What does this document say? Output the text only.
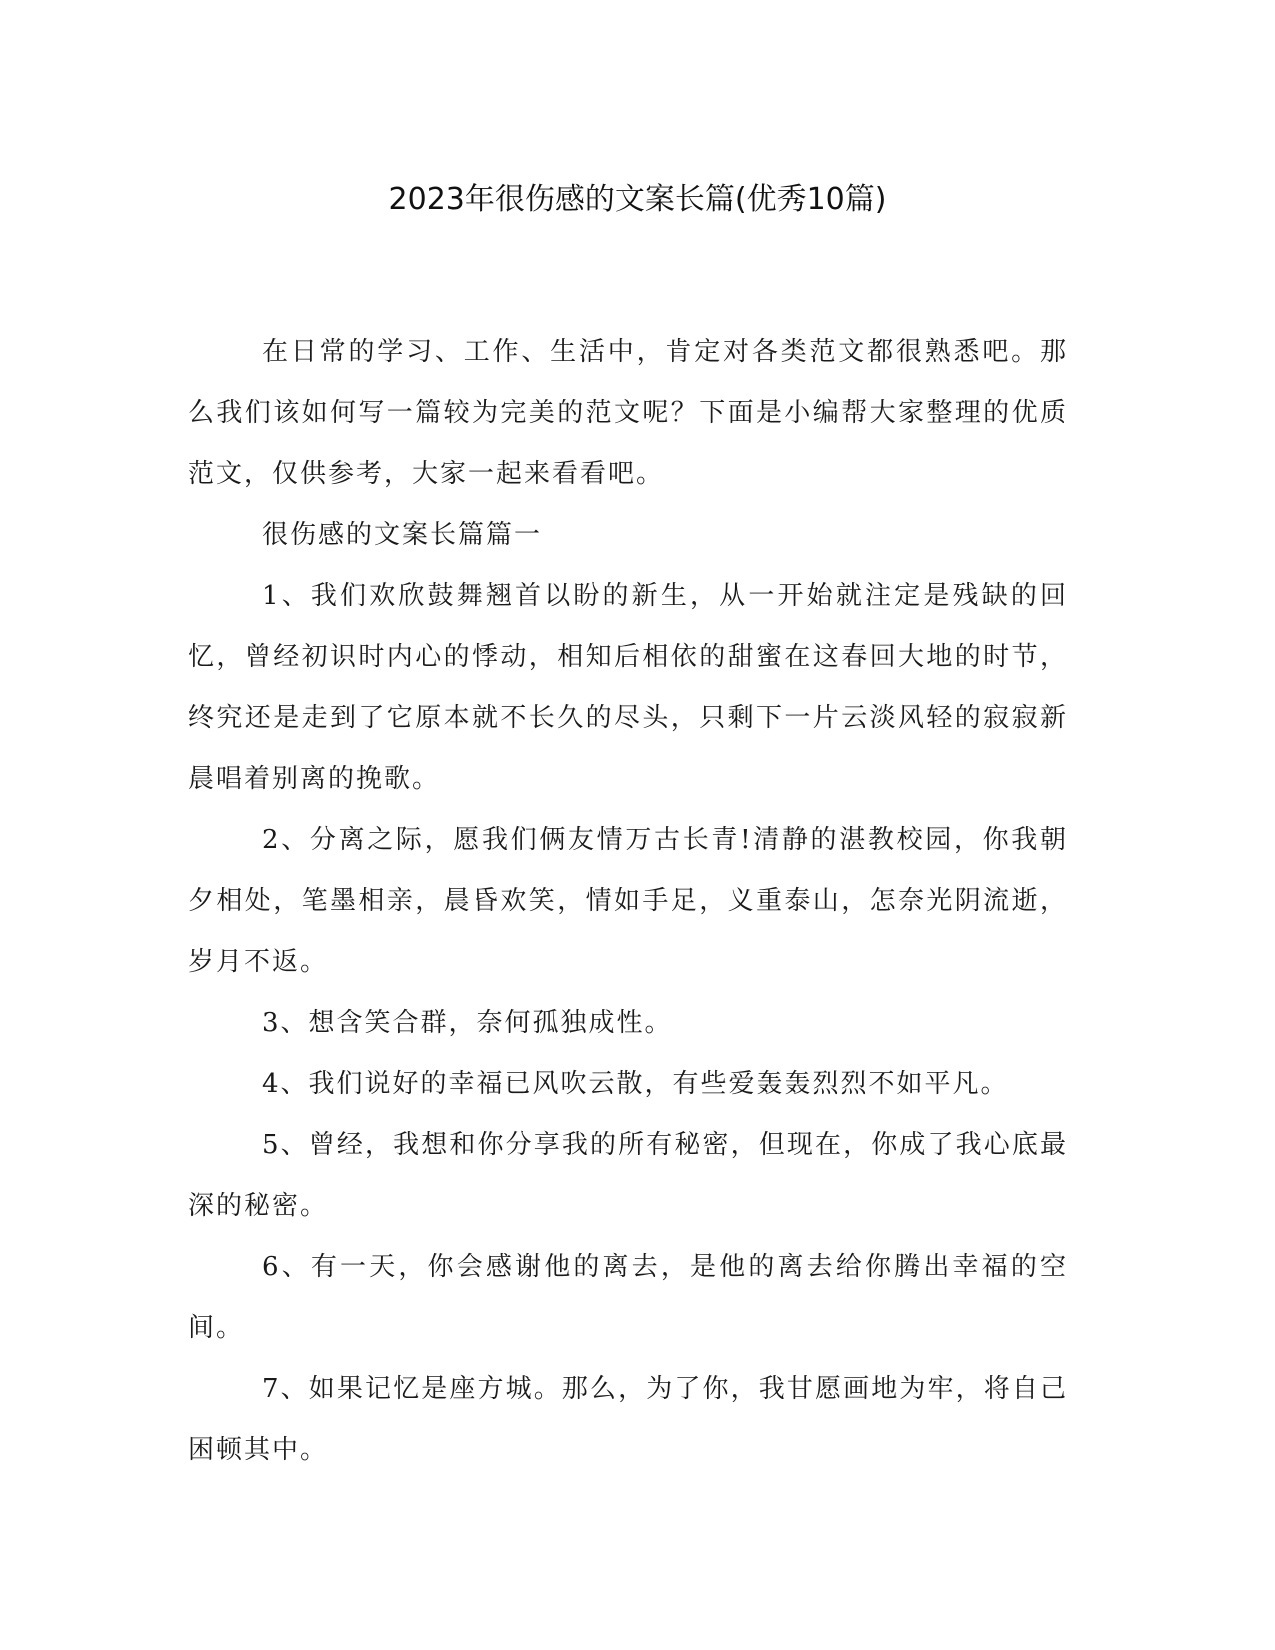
2023年很伤感的文案长篇(优秀10篇)

在日常的学习、工作、生活中，肯定对各类范文都很熟悉吧。那么我们该如何写一篇较为完美的范文呢？下面是小编帮大家整理的优质范文，仅供参考，大家一起来看看吧。

很伤感的文案长篇篇一

1、我们欢欣鼓舞翘首以盼的新生，从一开始就注定是残缺的回忆，曾经初识时内心的悸动，相知后相依的甜蜜在这春回大地的时节，终究还是走到了它原本就不长久的尽头，只剩下一片云淡风轻的寂寂新晨唱着别离的挽歌。

2、分离之际，愿我们俩友情万古长青!清静的湛教校园，你我朝夕相处，笔墨相亲，晨昏欢笑，情如手足，义重泰山，怎奈光阴流逝，岁月不返。

3、想含笑合群，奈何孤独成性。

4、我们说好的幸福已风吹云散，有些爱轰轰烈烈不如平凡。

5、曾经，我想和你分享我的所有秘密，但现在，你成了我心底最深的秘密。

6、有一天，你会感谢他的离去，是他的离去给你腾出幸福的空间。

7、如果记忆是座方城。那么，为了你，我甘愿画地为牢，将自己困顿其中。
